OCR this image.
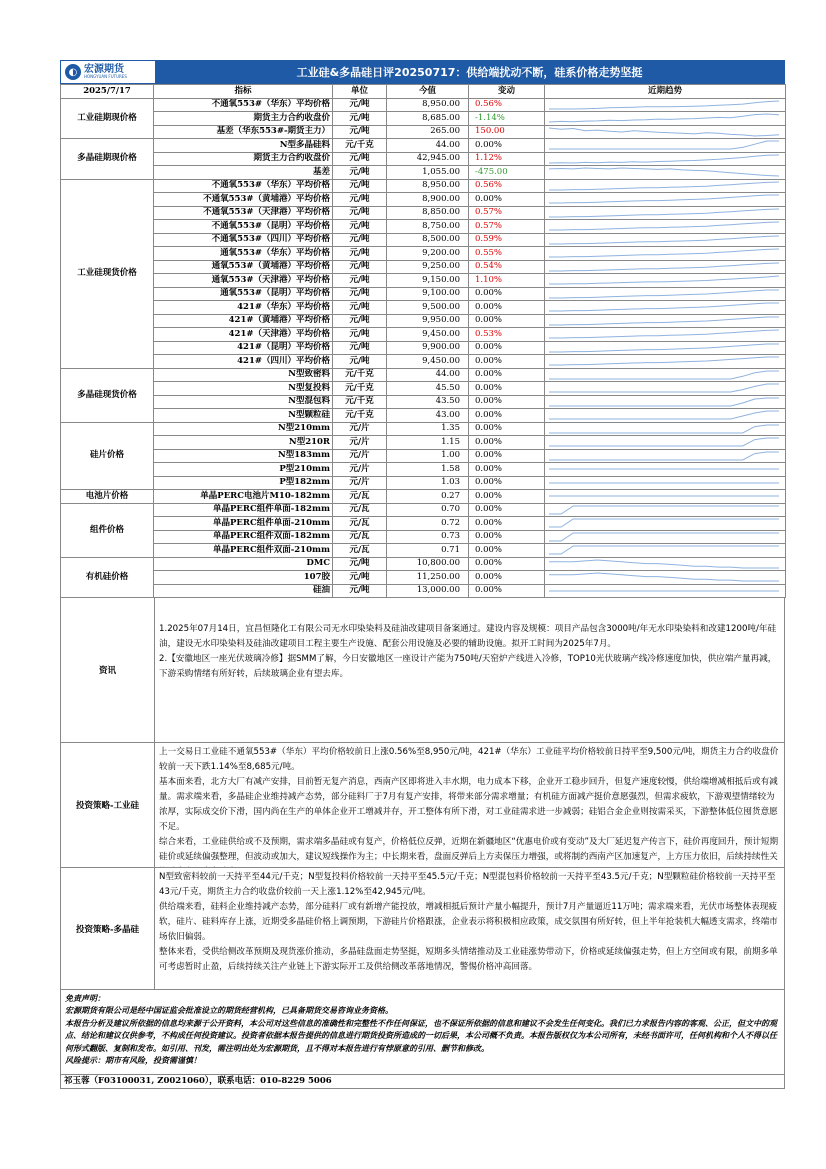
◐ 宏源期货
HONGYUAN FUTURES	工业硅&多晶硅日评20250717：供给端扰动不断，硅系价格走势坚挺
2025/7/17	指标	单位	今值	变动	近期趋势
工业硅期现价格	不通氧553#（华东）平均价格	元/吨	8,950.00	0.56%	

	期货主力合约收盘价	元/吨	8,685.00	-1.14%	

	基差（华东553#-期货主力）	元/吨	265.00	150.00	

多晶硅期现价格	N型多晶硅料	元/千克	44.00	0.00%	

	期货主力合约收盘价	元/吨	42,945.00	1.12%	

	基差	元/吨	1,055.00	-475.00	

工业硅现货价格	不通氧553#（华东）平均价格	元/吨	8,950.00	0.56%	

	不通氧553#（黄埔港）平均价格	元/吨	8,900.00	0.00%	

	不通氧553#（天津港）平均价格	元/吨	8,850.00	0.57%	

	不通氧553#（昆明）平均价格	元/吨	8,750.00	0.57%	

	不通氧553#（四川）平均价格	元/吨	8,500.00	0.59%	

	通氧553#（华东）平均价格	元/吨	9,200.00	0.55%	

	通氧553#（黄埔港）平均价格	元/吨	9,250.00	0.54%	

	通氧553#（天津港）平均价格	元/吨	9,150.00	1.10%	

	通氧553#（昆明）平均价格	元/吨	9,100.00	0.00%	

	421#（华东）平均价格	元/吨	9,500.00	0.00%	

	421#（黄埔港）平均价格	元/吨	9,950.00	0.00%	

	421#（天津港）平均价格	元/吨	9,450.00	0.53%	

	421#（昆明）平均价格	元/吨	9,900.00	0.00%	

	421#（四川）平均价格	元/吨	9,450.00	0.00%	

多晶硅现货价格	N型致密料	元/千克	44.00	0.00%	

	N型复投料	元/千克	45.50	0.00%	

	N型混包料	元/千克	43.50	0.00%	

	N型颗粒硅	元/千克	43.00	0.00%	

硅片价格	N型210mm	元/片	1.35	0.00%	

	N型210R	元/片	1.15	0.00%	

	N型183mm	元/片	1.00	0.00%	

	P型210mm	元/片	1.58	0.00%	

	P型182mm	元/片	1.03	0.00%	

电池片价格	单晶PERC电池片M10-182mm	元/瓦	0.27	0.00%	

组件价格	单晶PERC组件单面-182mm	元/瓦	0.70	0.00%	

	单晶PERC组件单面-210mm	元/瓦	0.72	0.00%	

	单晶PERC组件双面-182mm	元/瓦	0.73	0.00%	

	单晶PERC组件双面-210mm	元/瓦	0.71	0.00%	

有机硅价格	DMC	元/吨	10,800.00	0.00%	

	107胶	元/吨	11,250.00	0.00%	

	硅油	元/吨	13,000.00	0.00%	
资讯

1.2025年07月14日，宜昌恒隆化工有限公司无水印染染料及硅油改建项目备案通过。建设内容及规模：项目产品包含3000吨/年无水印染染料和改建1200吨/年硅油，建设无水印染染料及硅油改建项目工程主要生产设施、配套公用设施及必要的辅助设施。拟开工时间为2025年7月。

2.【安徽地区一座光伏玻璃冷修】据SMM了解，今日安徽地区一座设计产能为750吨/天窑炉产线进入冷修，TOP10光伏玻璃产线冷修速度加快，供应端产量再减，下游采购情绪有所好转，后续玻璃企业有望去库。

投资策略-工业硅

上一交易日工业硅不通氧553#（华东）平均价格较前日上涨0.56%至8,950元/吨，421#（华东）工业硅平均价格较前日持平至9,500元/吨，期货主力合约收盘价较前一天下跌1.14%至8,685元/吨。

基本面来看，北方大厂有减产安排，目前暂无复产消息，西南产区即将进入丰水期，电力成本下移，企业开工稳步回升，但复产速度较慢，供给端增减相抵后或有减量。需求端来看，多晶硅企业维持减产态势，部分硅料厂于7月有复产安排，将带来部分需求增量；有机硅方面减产挺价意愿强烈，但需求疲软，下游观望情绪较为浓厚，实际成交价下滑，国内尚在生产的单体企业开工增减并存，开工整体有所下滑，对工业硅需求进一步减弱；硅铝合金企业则按需采买，下游整体低位囤货意愿不足。

综合来看，工业硅供给或不及预期，需求端多晶硅或有复产，价格低位反弹，近期在新疆地区“优惠电价或有变动”及大厂延迟复产传言下，硅价再度回升，预计短期硅价或延续偏强整理，但波动或加大，建议短线操作为主；中长期来看，盘面反弹后上方卖保压力增强，或将制约西南产区加速复产，上方压力依旧，后续持续性关

投资策略-多晶硅

N型致密料较前一天持平至44元/千克；N型复投料价格较前一天持平至45.5元/千克；N型混包料价格较前一天持平至43.5元/千克；N型颗粒硅价格较前一天持平至43元/千克，期货主力合约收盘价较前一天上涨1.12%至42,945元/吨。

供给端来看，硅料企业维持减产态势，部分硅料厂或有新增产能投放，增减相抵后预计产量小幅提升，预计7月产量逼近11万吨；需求端来看，光伏市场整体表现疲软，硅片、硅料库存上涨，近期受多晶硅价格上调预期，下游硅片价格跟涨，企业表示将积极相应政策，成交氛围有所好转，但上半年抢装机大幅透支需求，终端市场依旧偏弱。

整体来看，受供给侧改革预期及现货涨价推动，多晶硅盘面走势坚挺，短期多头情绪推动及工业硅涨势带动下，价格或延续偏强走势，但上方空间或有限，前期多单可考虑暂时止盈，后续持续关注产业链上下游实际开工及供给侧改革落地情况，警惕价格冲高回落。

免责声明：

宏源期货有限公司是经中国证监会批准设立的期货经营机构，已具备期货交易咨询业务资格。

本报告分析及建议所依据的信息均来源于公开资料，本公司对这些信息的准确性和完整性不作任何保证，也不保证所依据的信息和建议不会发生任何变化。我们已力求报告内容的客观、公正，但文中的观点、结论和建议仅供参考，不构成任何投资建议。投资者依据本报告提供的信息进行期货投资所造成的一切后果，本公司概不负责。本报告版权仅为本公司所有，未经书面许可，任何机构和个人不得以任何形式翻版、复制和发布。如引用、刊发，需注明出处为宏源期货，且不得对本报告进行有悖原意的引用、删节和修改。

风险提示：期市有风险，投资需谨慎！

祁玉蓉（F03100031, Z0021060），联系电话：010-8229 5006
